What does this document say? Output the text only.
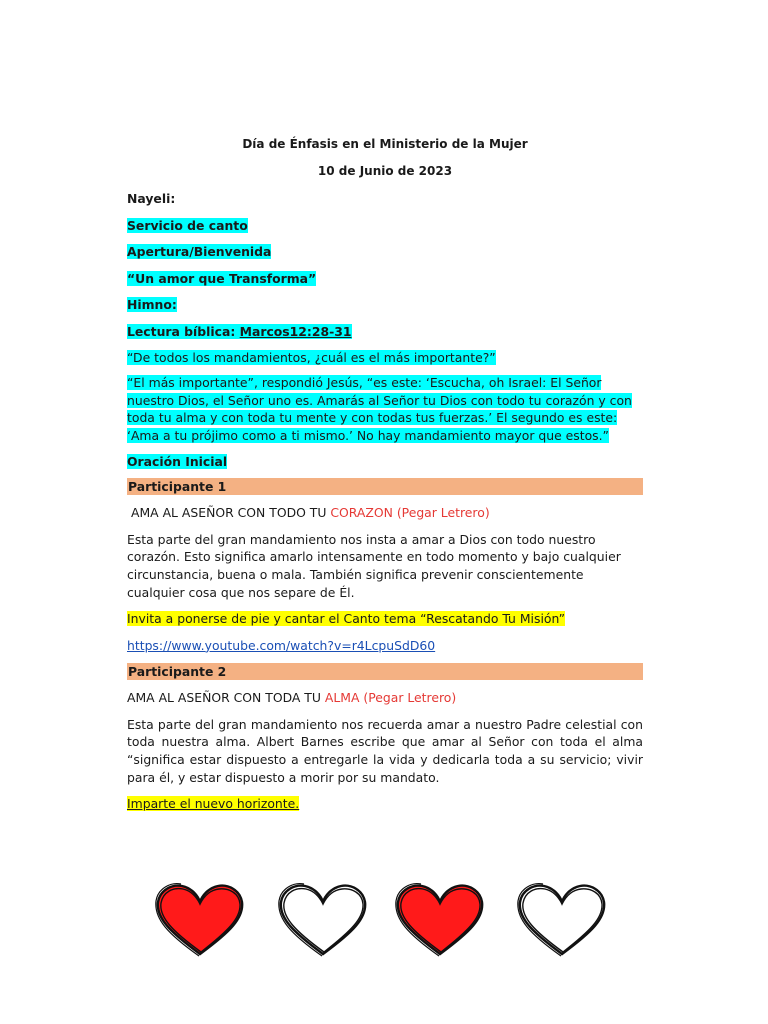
Día de Énfasis en el Ministerio de la Mujer
10 de Junio de 2023

Nayeli:

Servicio de canto

Apertura/Bienvenida

“Un amor que Transforma”

Himno:

Lectura bíblica: Marcos12:28-31

“De todos los mandamientos, ¿cuál es el más importante?”

“El más importante”, respondió Jesús, “es este: ‘Escucha, oh Israel: El Señor nuestro Dios, el Señor uno es. Amarás al Señor tu Dios con todo tu corazón y con toda tu alma y con toda tu mente y con todas tus fuerzas.’ El segundo es este: ‘Ama a tu prójimo como a ti mismo.’ No hay mandamiento mayor que estos.”

Oración Inicial

Participante 1

AMA AL ASEÑOR CON TODO TU CORAZON (Pegar Letrero)

Esta parte del gran mandamiento nos insta a amar a Dios con todo nuestro corazón. Esto significa amarlo intensamente en todo momento y bajo cualquier circunstancia, buena o mala. También significa prevenir conscientemente cualquier cosa que nos separe de Él.

Invita a ponerse de pie y cantar el Canto tema “Rescatando Tu Misión”

https://www.youtube.com/watch?v=r4LcpuSdD60

Participante 2

AMA AL ASEÑOR CON TODA TU ALMA (Pegar Letrero)

Esta parte del gran mandamiento nos recuerda amar a nuestro Padre celestial con toda nuestra alma. Albert Barnes escribe que amar al Señor con toda el alma “significa estar dispuesto a entregarle la vida y dedicarla toda a su servicio; vivir para él, y estar dispuesto a morir por su mandato.

Imparte el nuevo horizonte.
